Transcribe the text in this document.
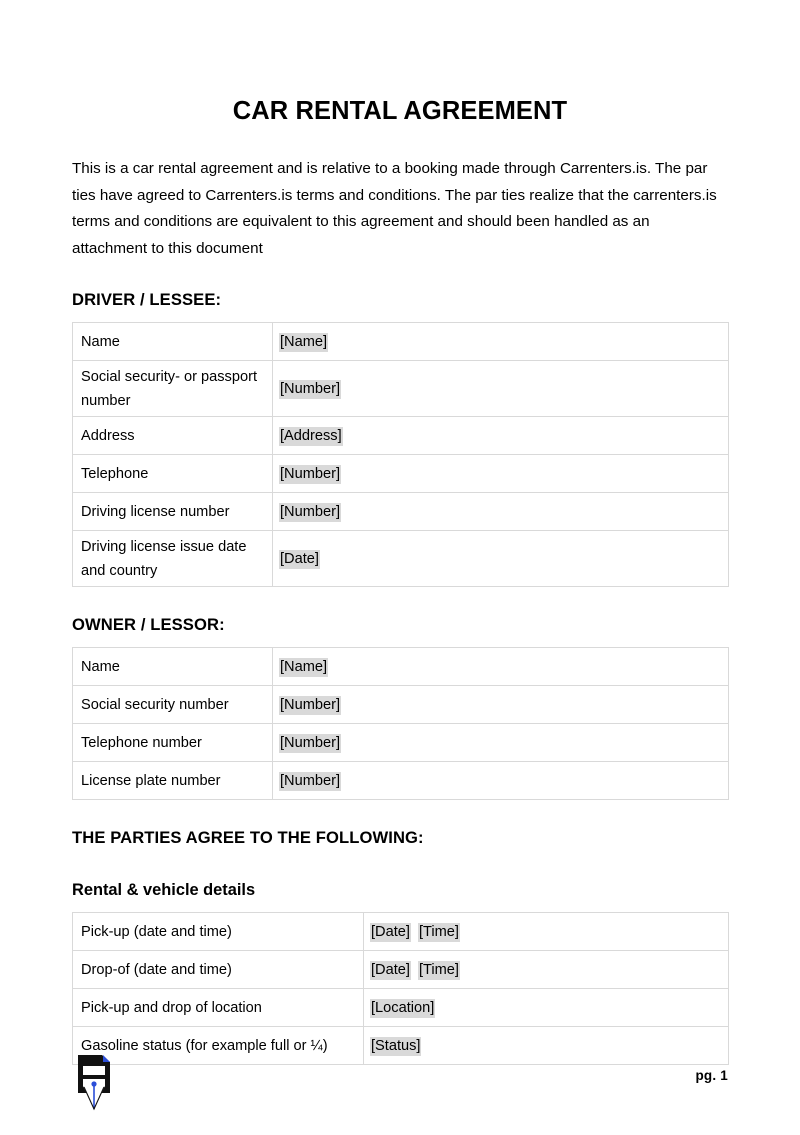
CAR RENTAL AGREEMENT

This is a car rental agreement and is relative to a booking made through Carrenters.is. The par ties have agreed to Carrenters.is terms and conditions. The par ties realize that the carrenters.is terms and conditions are equivalent to this agreement and should been handled as an attachment to this document

DRIVER / LESSEE:
Name	[Name]
Social security- or passport number	[Number]
Address	[Address]
Telephone	[Number]
Driving license number	[Number]
Driving license issue date and country	[Date]
OWNER / LESSOR:
Name	[Name]
Social security number	[Number]
Telephone number	[Number]
License plate number	[Number]
THE PARTIES AGREE TO THE FOLLOWING:
Rental & vehicle details
Pick-up (date and time)	[Date] [Time]
Drop-of (date and time)	[Date] [Time]
Pick-up and drop of location	[Location]
Gasoline status (for example full or ¼)	[Status]
pg. 1
